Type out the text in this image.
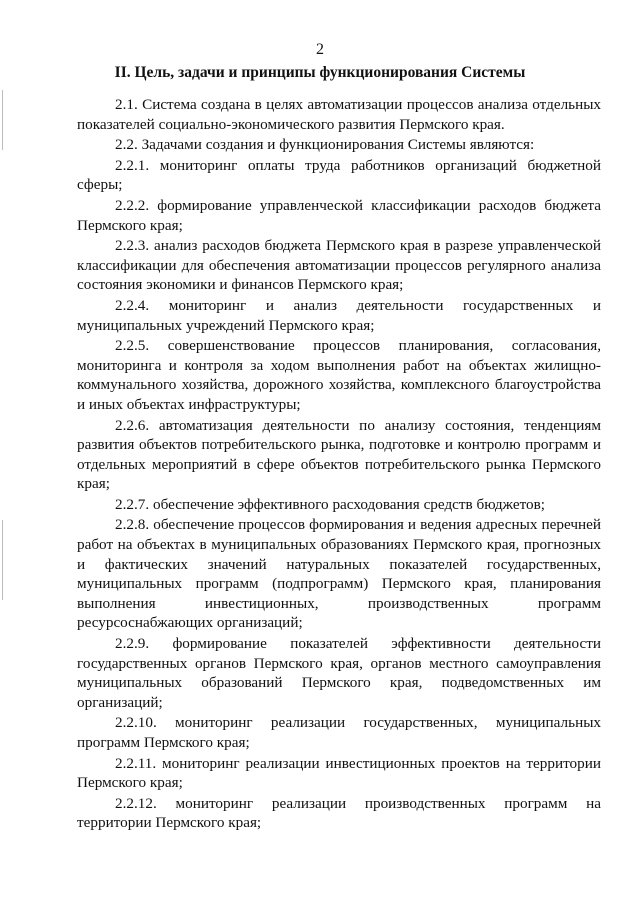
2
II. Цель, задачи и принципы функционирования Системы

2.1. Система создана в целях автоматизации процессов анализа отдельных показателей социально-экономического развития Пермского края.

2.2. Задачами создания и функционирования Системы являются:

2.2.1. мониторинг оплаты труда работников организаций бюджетной сферы;

2.2.2. формирование управленческой классификации расходов бюджета Пермского края;

2.2.3. анализ расходов бюджета Пермского края в разрезе управленческой классификации для обеспечения автоматизации процессов регулярного анализа состояния экономики и финансов Пермского края;

2.2.4. мониторинг и анализ деятельности государственных и муниципальных учреждений Пермского края;

2.2.5. совершенствование процессов планирования, согласования, мониторинга и контроля за ходом выполнения работ на объектах жилищно-коммунального хозяйства, дорожного хозяйства, комплексного благоустройства и иных объектах инфраструктуры;

2.2.6. автоматизация деятельности по анализу состояния, тенденциям развития объектов потребительского рынка, подготовке и контролю программ и отдельных мероприятий в сфере объектов потребительского рынка Пермского края;

2.2.7. обеспечение эффективного расходования средств бюджетов;

2.2.8. обеспечение процессов формирования и ведения адресных перечней работ на объектах в муниципальных образованиях Пермского края, прогнозных и фактических значений натуральных показателей государственных, муниципальных программ (подпрограмм) Пермского края, планирования выполнения инвестиционных, производственных программ ресурсоснабжающих организаций;

2.2.9. формирование показателей эффективности деятельности государственных органов Пермского края, органов местного самоуправления муниципальных образований Пермского края, подведомственных им организаций;

2.2.10. мониторинг реализации государственных, муниципальных программ Пермского края;

2.2.11. мониторинг реализации инвестиционных проектов на территории Пермского края;

2.2.12. мониторинг реализации производственных программ на территории Пермского края;
